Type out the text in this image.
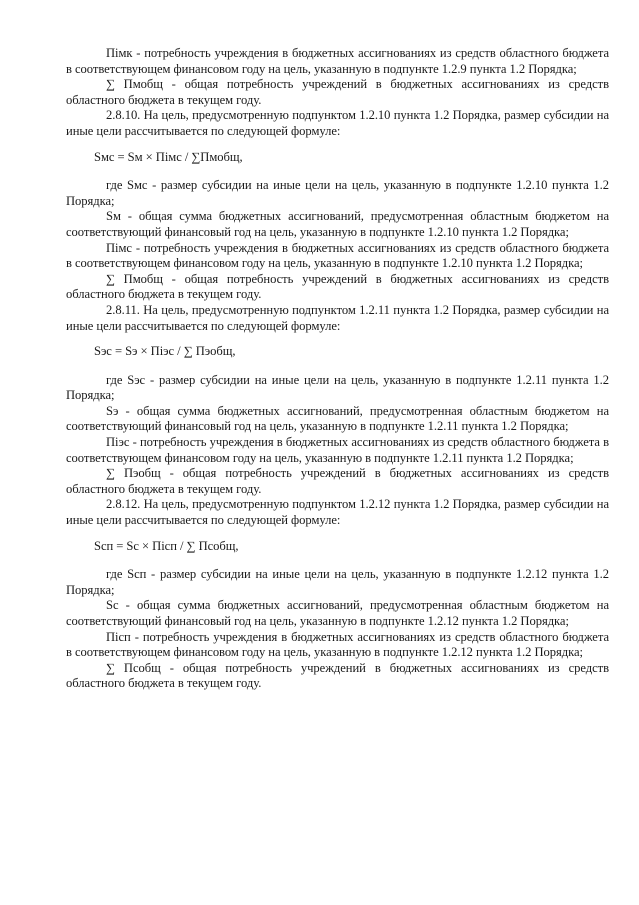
Пімк - потребность учреждения в бюджетных ассигнованиях из средств областного бюджета в соответствующем финансовом году на цель, указанную в подпункте 1.2.9 пункта 1.2 Порядка;

∑ Пмобщ - общая потребность учреждений в бюджетных ассигнованиях из средств областного бюджета в текущем году.

2.8.10. На цель, предусмотренную подпунктом 1.2.10 пункта 1.2 Порядка, размер субсидии на иные цели рассчитывается по следующей формуле:

Sмс = Sм × Пімс / ∑Пмобщ,

где Sмс - размер субсидии на иные цели на цель, указанную в подпункте 1.2.10 пункта 1.2 Порядка;

Sм - общая сумма бюджетных ассигнований, предусмотренная областным бюджетом на соответствующий финансовый год на цель, указанную в подпункте 1.2.10 пункта 1.2 Порядка;

Пімс - потребность учреждения в бюджетных ассигнованиях из средств областного бюджета в соответствующем финансовом году на цель, указанную в подпункте 1.2.10 пункта 1.2 Порядка;

∑ Пмобщ - общая потребность учреждений в бюджетных ассигнованиях из средств областного бюджета в текущем году.

2.8.11. На цель, предусмотренную подпунктом 1.2.11 пункта 1.2 Порядка, размер субсидии на иные цели рассчитывается по следующей формуле:

Sэс = Sэ × Піэс / ∑ Пэобщ,

где Sэс - размер субсидии на иные цели на цель, указанную в подпункте 1.2.11 пункта 1.2 Порядка;

Sэ - общая сумма бюджетных ассигнований, предусмотренная областным бюджетом на соответствующий финансовый год на цель, указанную в подпункте 1.2.11 пункта 1.2 Порядка;

Піэс - потребность учреждения в бюджетных ассигнованиях из средств областного бюджета в соответствующем финансовом году на цель, указанную в подпункте 1.2.11 пункта 1.2 Порядка;

∑ Пэобщ - общая потребность учреждений в бюджетных ассигнованиях из средств областного бюджета в текущем году.

2.8.12. На цель, предусмотренную подпунктом 1.2.12 пункта 1.2 Порядка, размер субсидии на иные цели рассчитывается по следующей формуле:

Sсп = Sс × Пісп / ∑ Псобщ,

где Sсп - размер субсидии на иные цели на цель, указанную в подпункте 1.2.12 пункта 1.2 Порядка;

Sс - общая сумма бюджетных ассигнований, предусмотренная областным бюджетом на соответствующий финансовый год на цель, указанную в подпункте 1.2.12 пункта 1.2 Порядка;

Пісп - потребность учреждения в бюджетных ассигнованиях из средств областного бюджета в соответствующем финансовом году на цель, указанную в подпункте 1.2.12 пункта 1.2 Порядка;

∑ Псобщ - общая потребность учреждений в бюджетных ассигнованиях из средств областного бюджета в текущем году.
